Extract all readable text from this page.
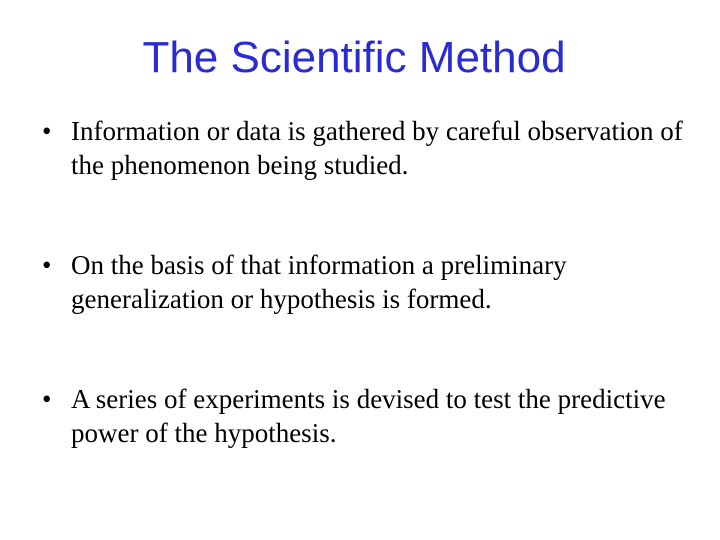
The Scientific Method
• Information or data is gathered by careful observation of the phenomenon being studied.
• On the basis of that information a preliminary generalization or hypothesis is formed.
• A series of experiments is devised to test the predictive power of the hypothesis.
